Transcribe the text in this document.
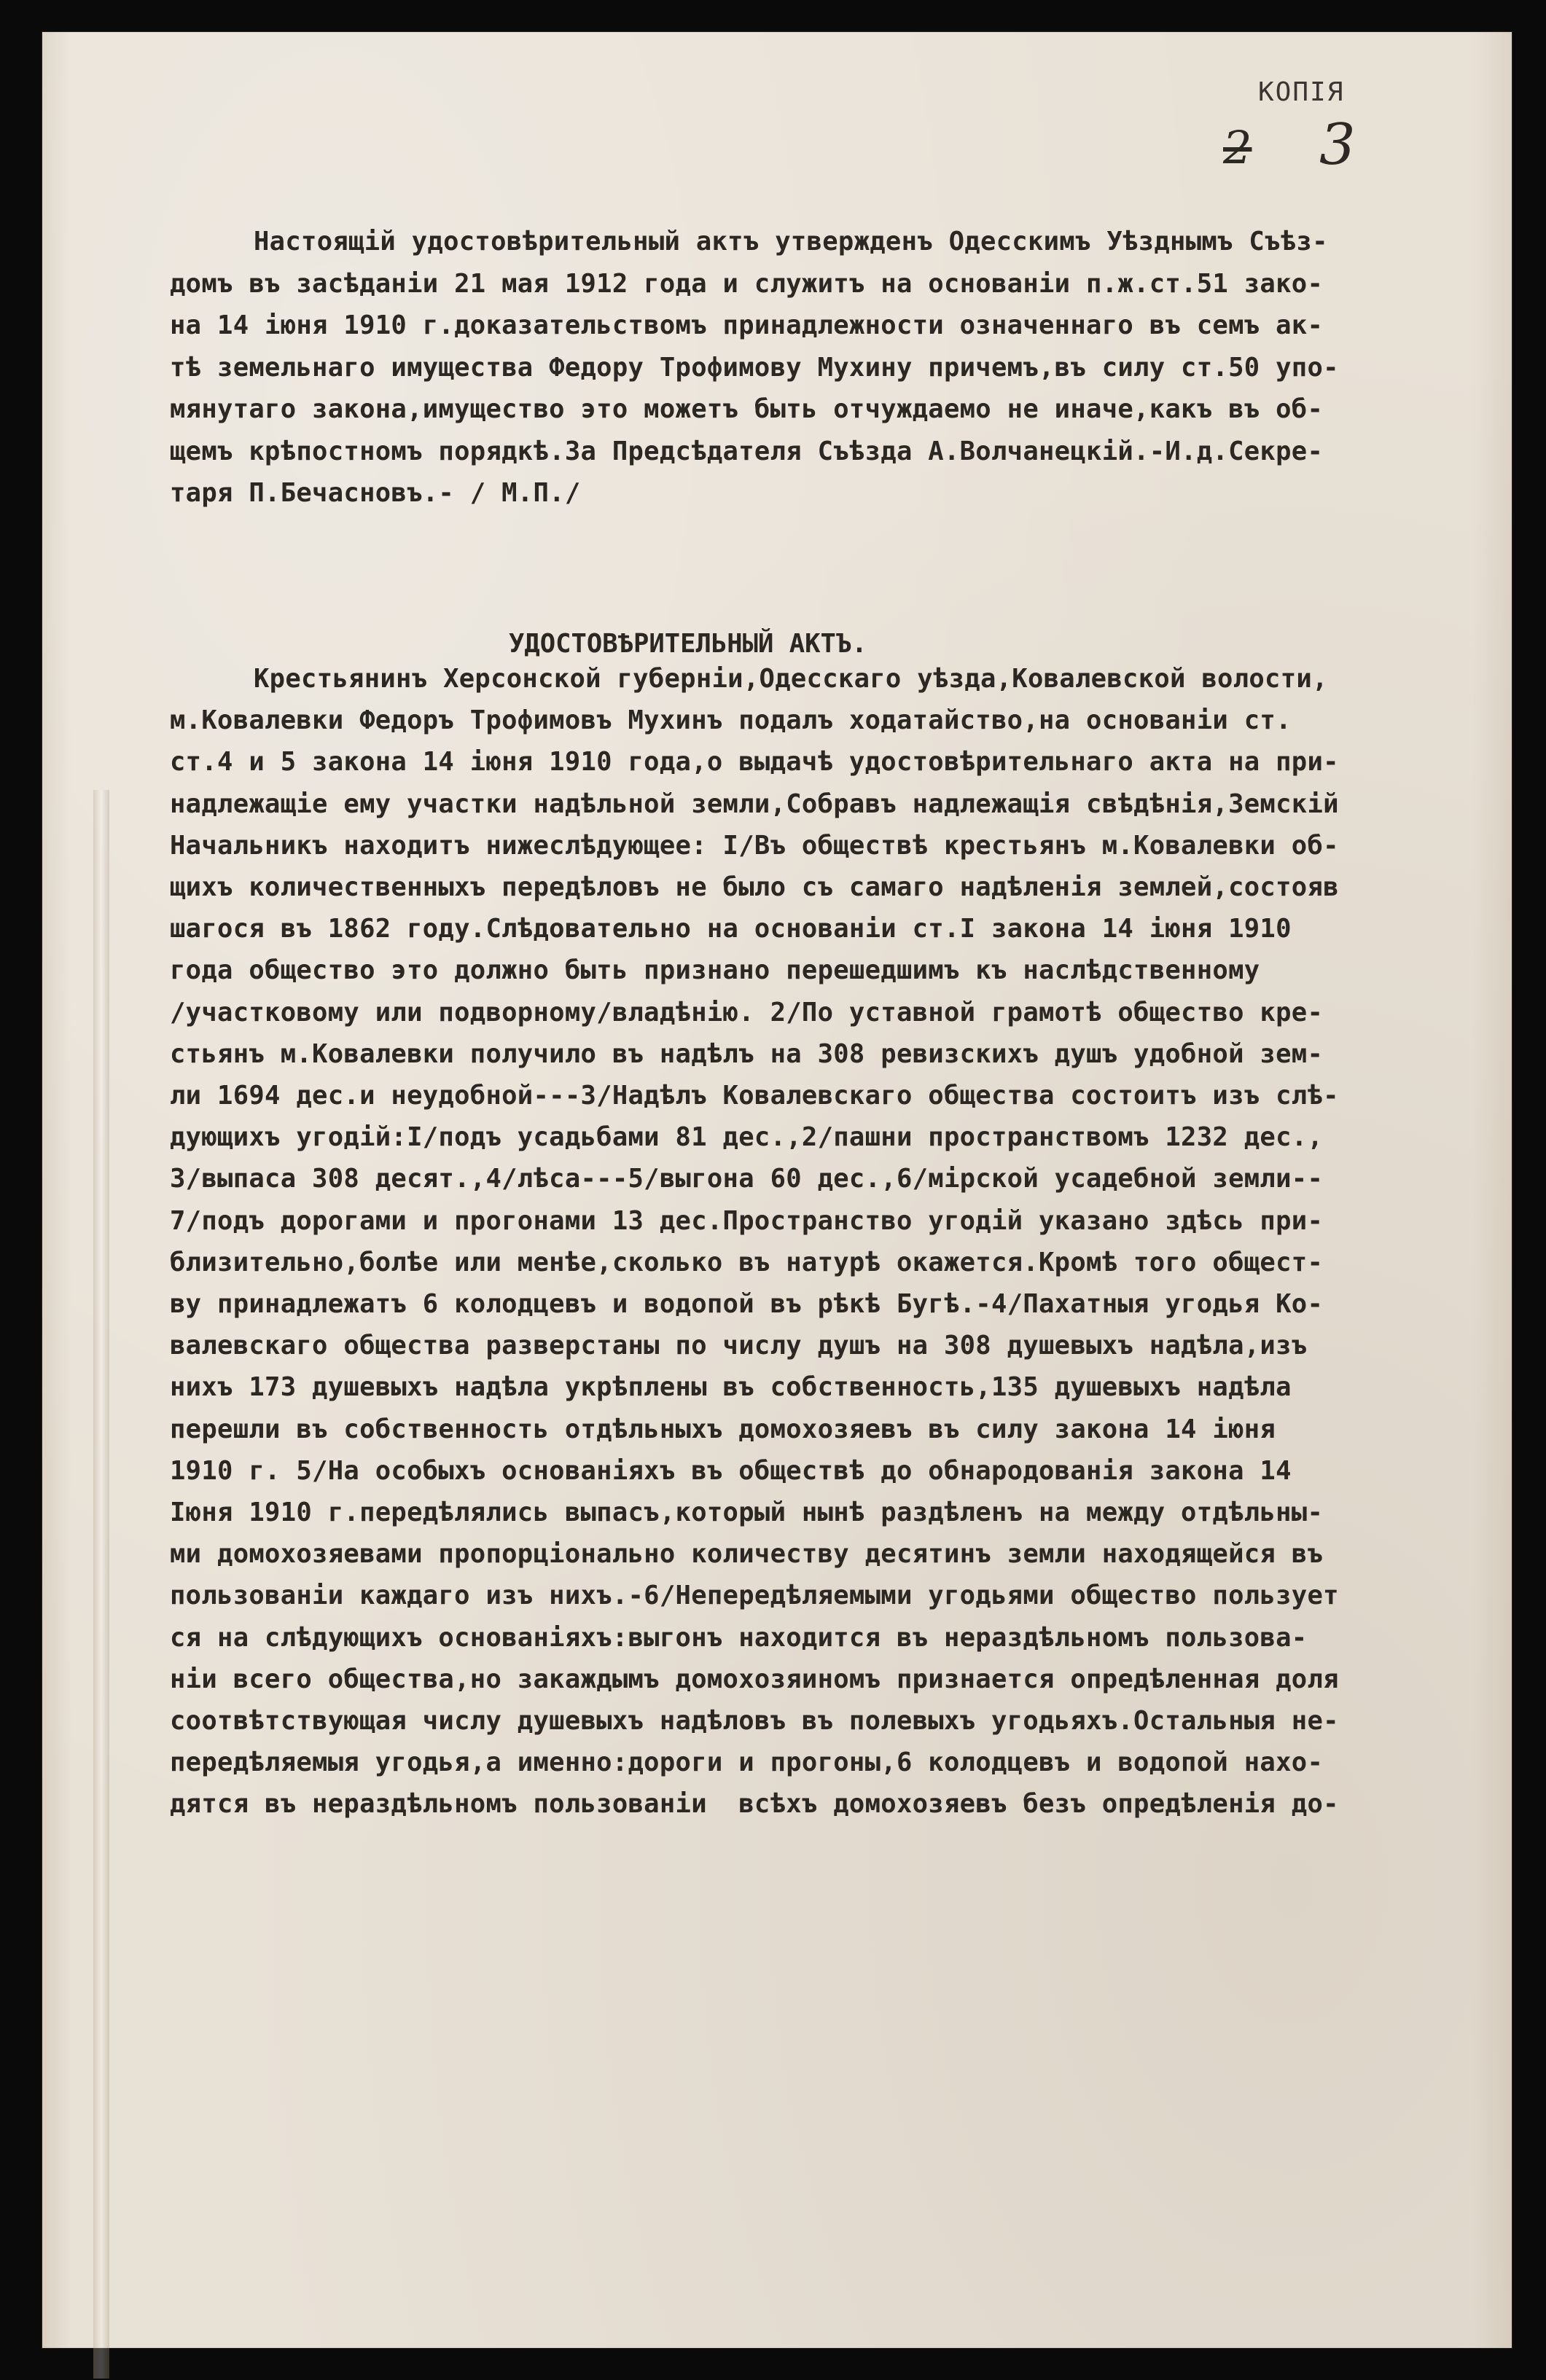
КОПІЯ
2 3
Настоящій удостовѣрительный актъ утвержденъ Одесскимъ Уѣзднымъ Съѣз-
домъ въ засѣданіи 21 мая 1912 года и служитъ на основаніи п.ж.ст.51 зако-
на 14 іюня 1910 г.доказательствомъ принадлежности означеннаго въ семъ ак-
тѣ земельнаго имущества Федору Трофимову Мухину причемъ,въ силу ст.50 упо-
мянутаго закона,имущество это можетъ быть отчуждаемо не иначе,какъ въ об-
щемъ крѣпостномъ порядкѣ.За Предсѣдателя Съѣзда А.Волчанецкій.-И.д.Секре-
таря П.Бечасновъ.- / М.П./
УДОСТОВѢРИТЕЛЬНЫЙ АКТЪ.
Крестьянинъ Херсонской губерніи,Одесскаго уѣзда,Ковалевской волости,
м.Ковалевки Федоръ Трофимовъ Мухинъ подалъ ходатайство,на основаніи ст.
ст.4 и 5 закона 14 іюня 1910 года,о выдачѣ удостовѣрительнаго акта на при-
надлежащіе ему участки надѣльной земли,Собравъ надлежащія свѣдѣнія,Земскій
Начальникъ находитъ нижеслѣдующее: I/Въ обществѣ крестьянъ м.Ковалевки об-
щихъ количественныхъ передѣловъ не было съ самаго надѣленія землей,состояв
шагося въ 1862 году.Слѣдовательно на основаніи ст.I закона 14 іюня 1910
года общество это должно быть признано перешедшимъ къ наслѣдственному
/участковому или подворному/владѣнію. 2/По уставной грамотѣ общество кре-
стьянъ м.Ковалевки получило въ надѣлъ на 308 ревизскихъ душъ удобной зем-
ли 1694 дес.и неудобной---3/Надѣлъ Ковалевскаго общества состоитъ изъ слѣ-
дующихъ угодій:I/подъ усадьбами 81 дес.,2/пашни пространствомъ 1232 дес.,
3/выпаса 308 десят.,4/лѣса---5/выгона 60 дес.,6/мірской усадебной земли--
7/подъ дорогами и прогонами 13 дес.Пространство угодій указано здѣсь при-
близительно,болѣе или менѣе,сколько въ натурѣ окажется.Кромѣ того общест-
ву принадлежатъ 6 колодцевъ и водопой въ рѣкѣ Бугѣ.-4/Пахатныя угодья Ко-
валевскаго общества разверстаны по числу душъ на 308 душевыхъ надѣла,изъ
нихъ 173 душевыхъ надѣла укрѣплены въ собственность,135 душевыхъ надѣла
перешли въ собственность отдѣльныхъ домохозяевъ въ силу закона 14 іюня
1910 г. 5/На особыхъ основаніяхъ въ обществѣ до обнародованія закона 14
Іюня 1910 г.передѣлялись выпасъ,который нынѣ раздѣленъ на между отдѣльны-
ми домохозяевами пропорціонально количеству десятинъ земли находящейся въ
пользованіи каждаго изъ нихъ.-6/Непередѣляемыми угодьями общество пользует
ся на слѣдующихъ основаніяхъ:выгонъ находится въ нераздѣльномъ пользова-
ніи всего общества,но закаждымъ домохозяиномъ признается опредѣленная доля
соотвѣтствующая числу душевыхъ надѣловъ въ полевыхъ угодьяхъ.Остальныя не-
передѣляемыя угодья,а именно:дороги и прогоны,6 колодцевъ и водопой нахо-
дятся въ нераздѣльномъ пользованіи  всѣхъ домохозяевъ безъ опредѣленія до-
